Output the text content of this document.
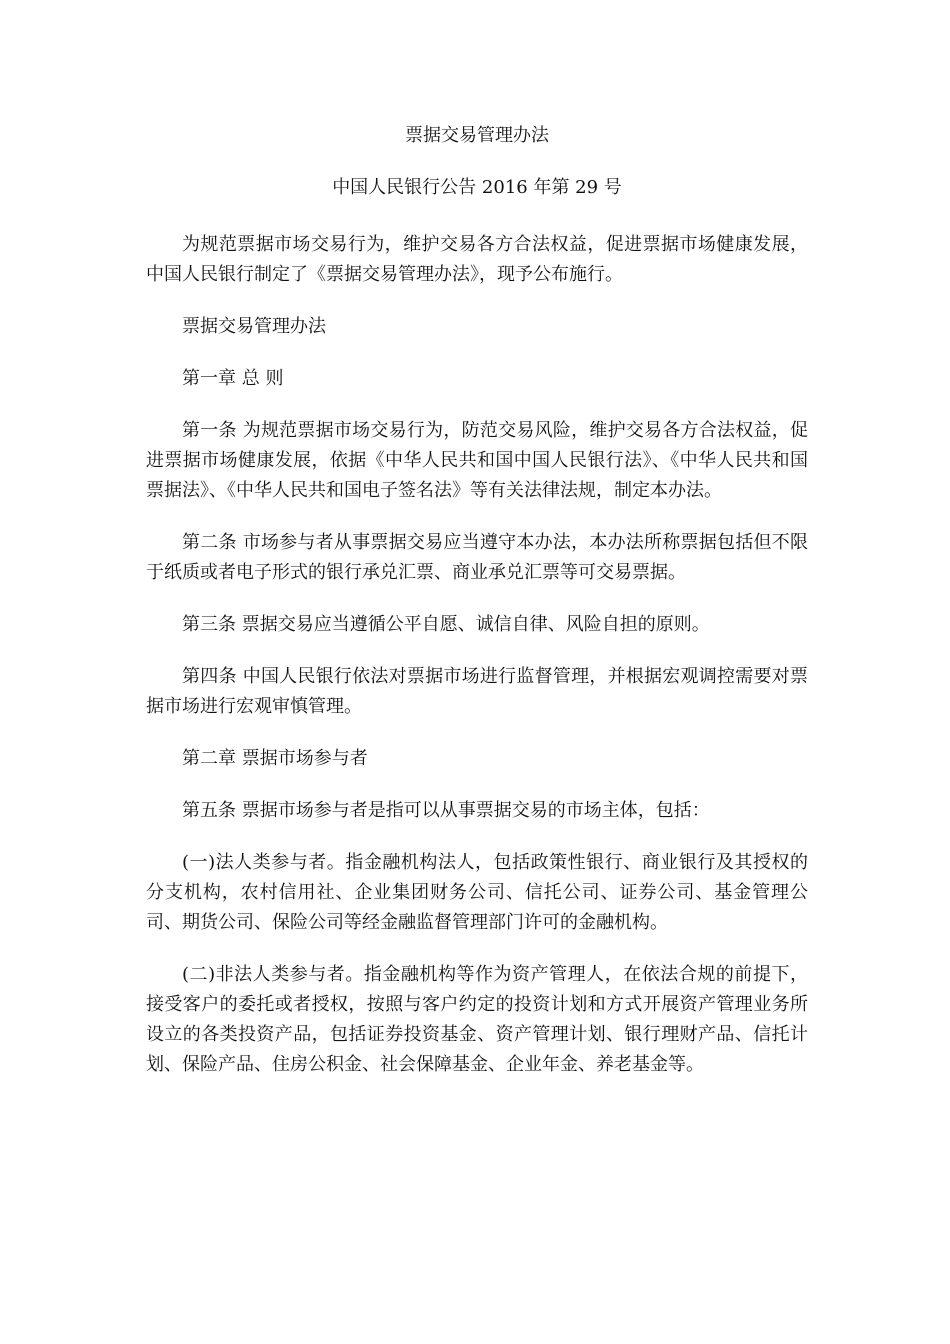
票据交易管理办法

中国人民银行公告 2016 年第 29 号

为规范票据市场交易行为，维护交易各方合法权益，促进票据市场健康发展，中国人民银行制定了《票据交易管理办法》，现予公布施行。

票据交易管理办法

第一章 总 则

第一条 为规范票据市场交易行为，防范交易风险，维护交易各方合法权益，促进票据市场健康发展，依据《中华人民共和国中国人民银行法》、《中华人民共和国票据法》、《中华人民共和国电子签名法》等有关法律法规，制定本办法。

第二条 市场参与者从事票据交易应当遵守本办法，本办法所称票据包括但不限于纸质或者电子形式的银行承兑汇票、商业承兑汇票等可交易票据。

第三条 票据交易应当遵循公平自愿、诚信自律、风险自担的原则。

第四条 中国人民银行依法对票据市场进行监督管理，并根据宏观调控需要对票据市场进行宏观审慎管理。

第二章 票据市场参与者

第五条 票据市场参与者是指可以从事票据交易的市场主体，包括：

(一)法人类参与者。指金融机构法人，包括政策性银行、商业银行及其授权的分支机构，农村信用社、企业集团财务公司、信托公司、证券公司、基金管理公司、期货公司、保险公司等经金融监督管理部门许可的金融机构。

(二)非法人类参与者。指金融机构等作为资产管理人，在依法合规的前提下，接受客户的委托或者授权，按照与客户约定的投资计划和方式开展资产管理业务所设立的各类投资产品，包括证券投资基金、资产管理计划、银行理财产品、信托计划、保险产品、住房公积金、社会保障基金、企业年金、养老基金等。
